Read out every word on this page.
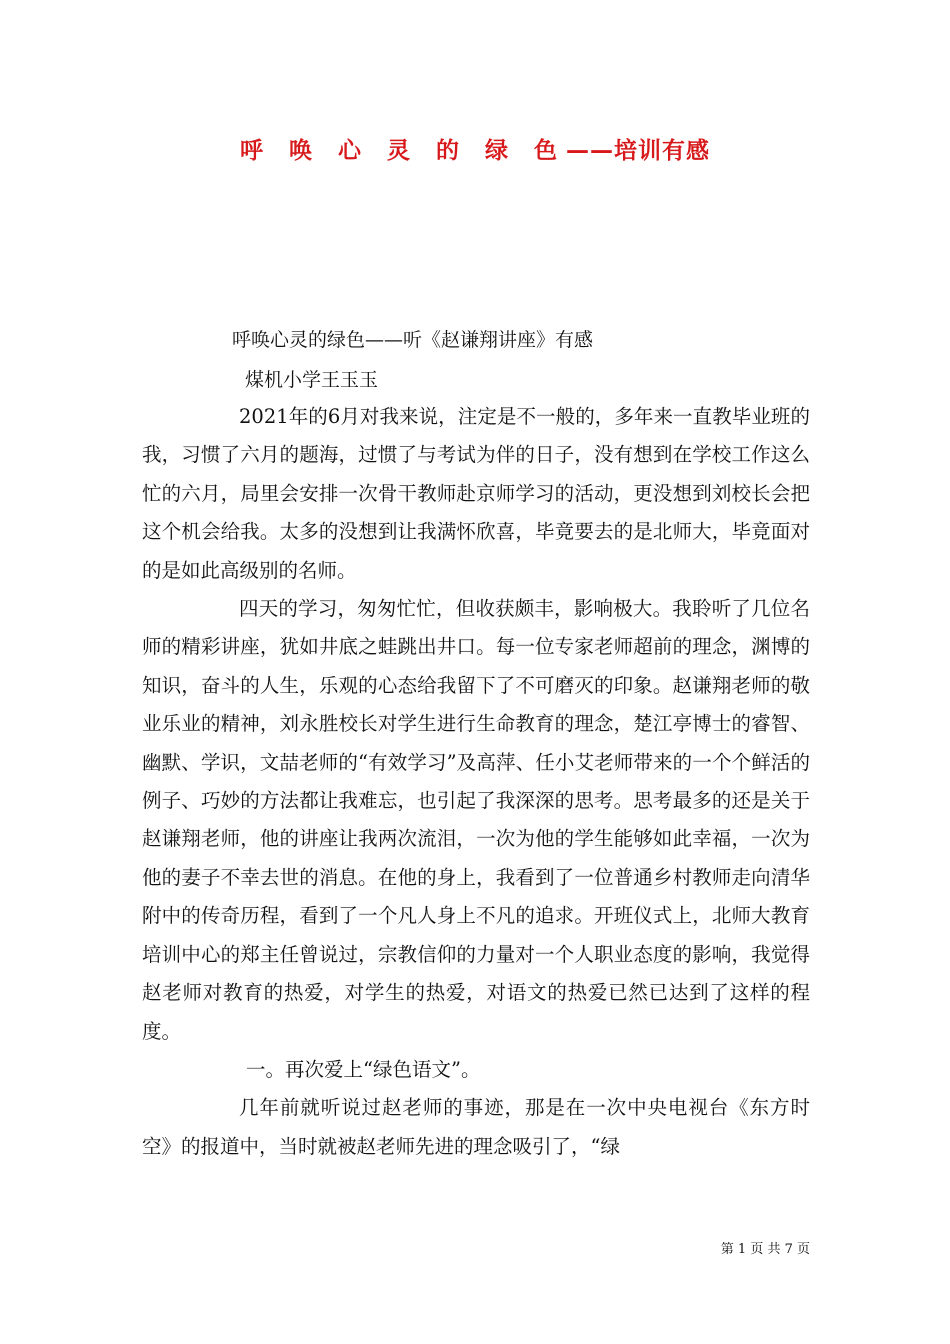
呼 唤 心 灵 的 绿 色——培训有感
呼唤心灵的绿色——听《赵谦翔讲座》有感
煤机小学王玉玉

2021年的6月对我来说，注定是不一般的，多年来一直教毕业班的我，习惯了六月的题海，过惯了与考试为伴的日子，没有想到在学校工作这么忙的六月，局里会安排一次骨干教师赴京师学习的活动，更没想到刘校长会把这个机会给我。太多的没想到让我满怀欣喜，毕竟要去的是北师大，毕竟面对的是如此高级别的名师。

四天的学习，匆匆忙忙，但收获颇丰，影响极大。我聆听了几位名师的精彩讲座，犹如井底之蛙跳出井口。每一位专家老师超前的理念，渊博的知识，奋斗的人生，乐观的心态给我留下了不可磨灭的印象。赵谦翔老师的敬业乐业的精神，刘永胜校长对学生进行生命教育的理念，楚江亭博士的睿智、幽默、学识，文喆老师的“有效学习”及高萍、任小艾老师带来的一个个鲜活的例子、巧妙的方法都让我难忘，也引起了我深深的思考。思考最多的还是关于赵谦翔老师，他的讲座让我两次流泪，一次为他的学生能够如此幸福，一次为他的妻子不幸去世的消息。在他的身上，我看到了一位普通乡村教师走向清华附中的传奇历程，看到了一个凡人身上不凡的追求。开班仪式上，北师大教育培训中心的郑主任曾说过，宗教信仰的力量对一个人职业态度的影响，我觉得赵老师对教育的热爱，对学生的热爱，对语文的热爱已然已达到了这样的程度。

一。再次爱上“绿色语文”。

几年前就听说过赵老师的事迹，那是在一次中央电视台《东方时空》的报道中，当时就被赵老师先进的理念吸引了，“绿

第 1 页 共 7 页
